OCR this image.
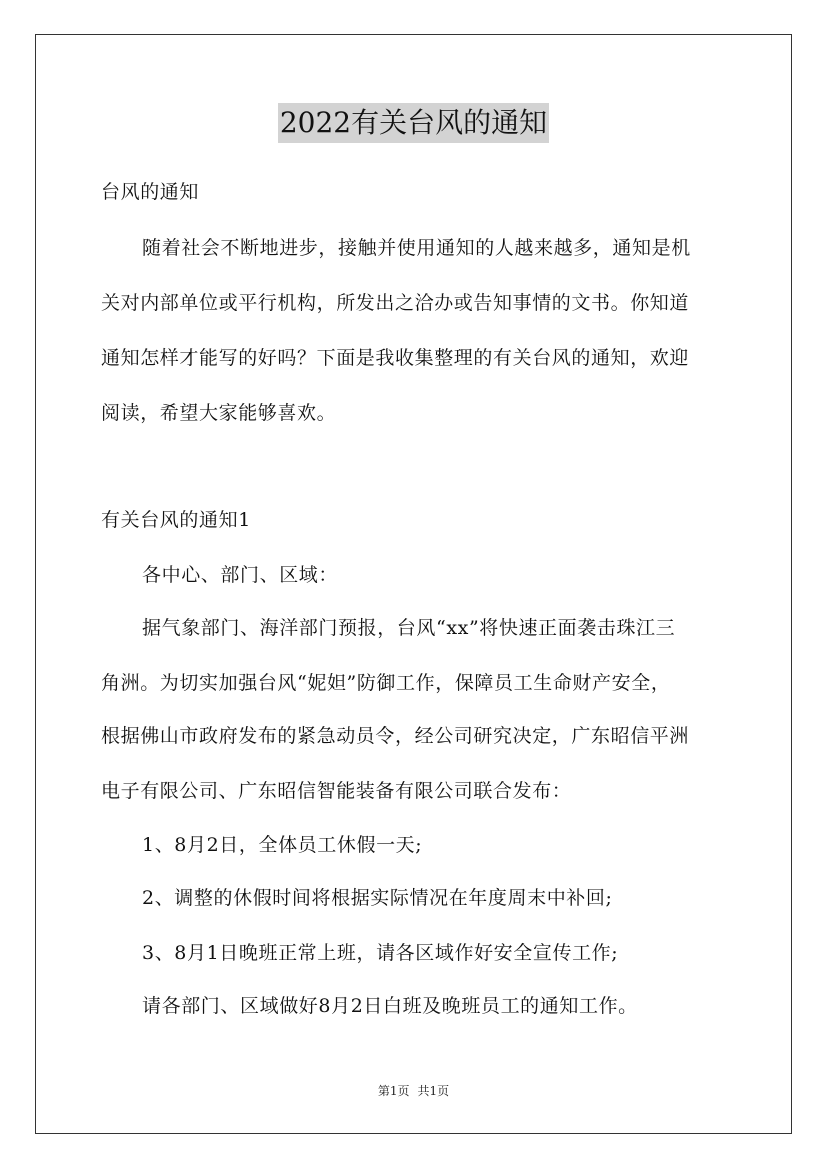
2022有关台风的通知
台风的通知
随着社会不断地进步，接触并使用通知的人越来越多，通知是机
关对内部单位或平行机构，所发出之洽办或告知事情的文书。你知道
通知怎样才能写的好吗？下面是我收集整理的有关台风的通知，欢迎
阅读，希望大家能够喜欢。
有关台风的通知1
各中心、部门、区域：
据气象部门、海洋部门预报，台风“xx”将快速正面袭击珠江三
角洲。为切实加强台风“妮妲”防御工作，保障员工生命财产安全，
根据佛山市政府发布的紧急动员令，经公司研究决定，广东昭信平洲
电子有限公司、广东昭信智能装备有限公司联合发布：
1、8月2日，全体员工休假一天;
2、调整的休假时间将根据实际情况在年度周末中补回;
3、8月1日晚班正常上班，请各区域作好安全宣传工作;
请各部门、区域做好8月2日白班及晚班员工的通知工作。
第1页 共1页
